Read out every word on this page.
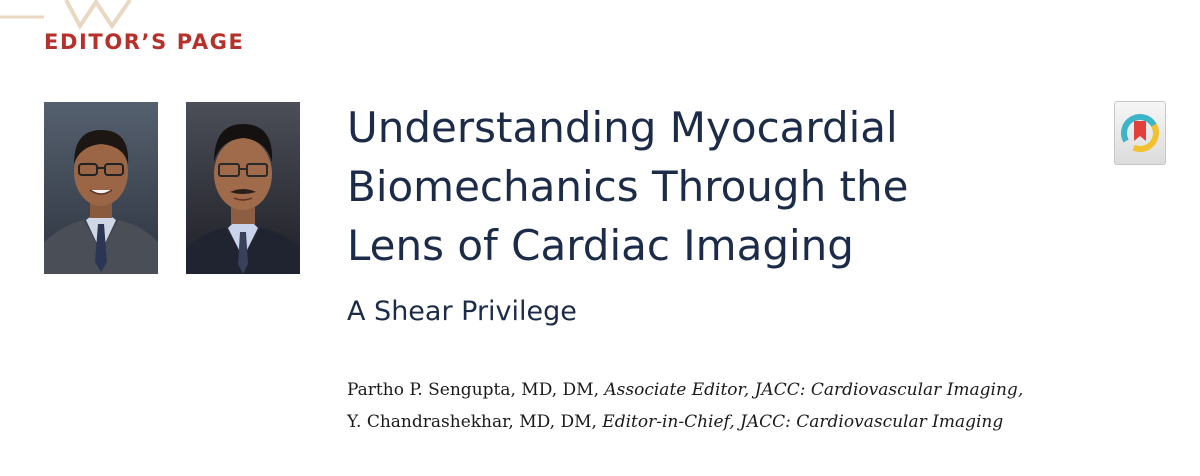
EDITOR’S PAGE
Understanding Myocardial
Biomechanics Through the
Lens of Cardiac Imaging
A Shear Privilege
Partho P. Sengupta, MD, DM, Associate Editor, JACC: Cardiovascular Imaging,
Y. Chandrashekhar, MD, DM, Editor-in-Chief, JACC: Cardiovascular Imaging
